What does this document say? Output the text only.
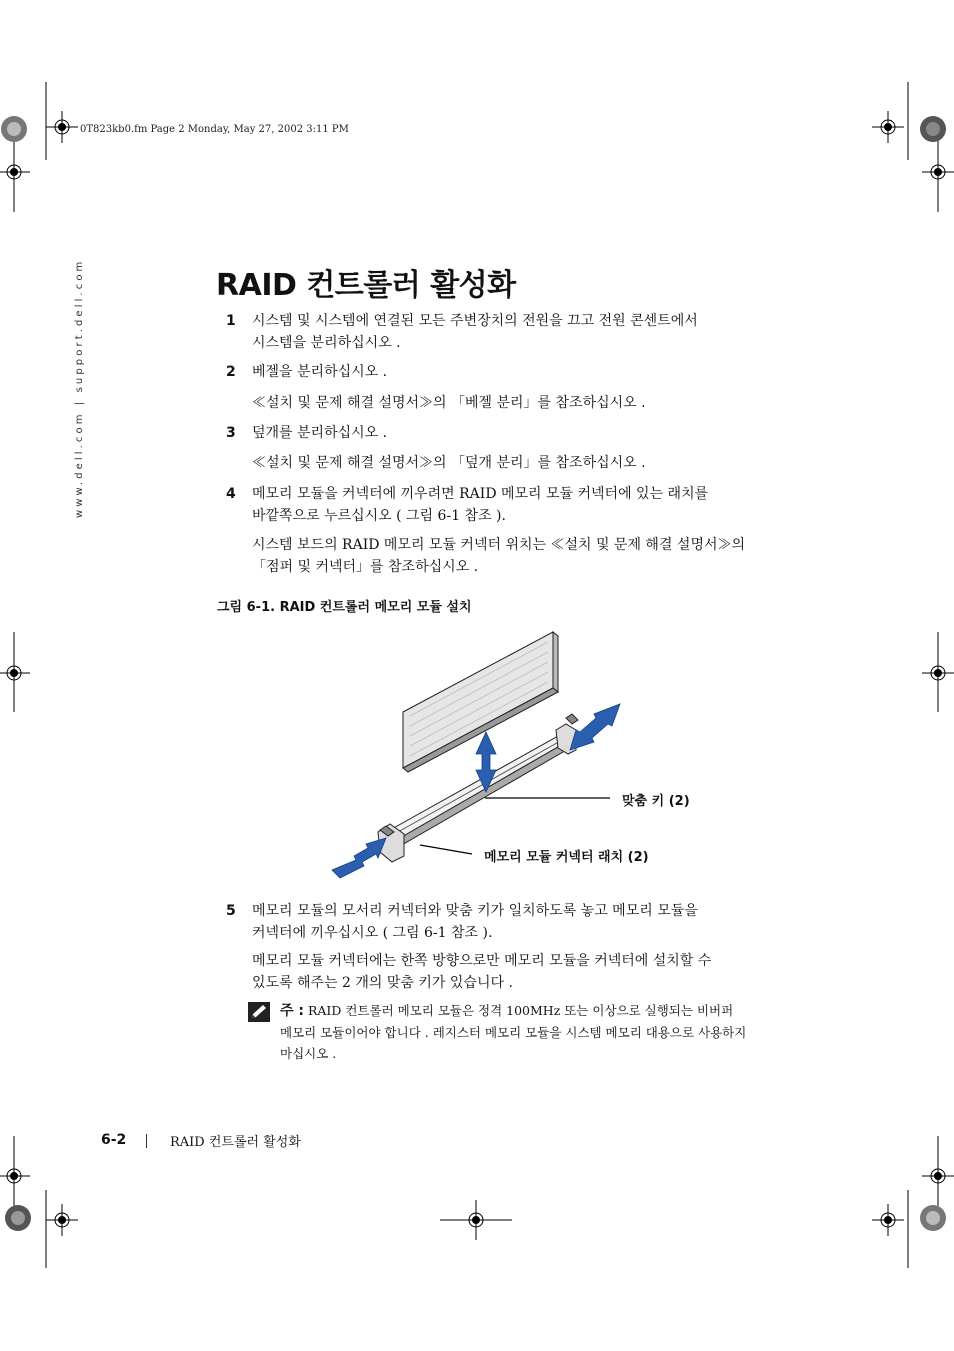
0T823kb0.fm Page 2 Monday, May 27, 2002 3:11 PM
www.dell.com | support.dell.com	RAID 컨트롤러 활성화
1 시스템 및 시스템에 연결된 모든 주변장치의 전원을 끄고 전원 콘센트에서
시스템을 분리하십시오 .
2 베젤을 분리하십시오 .
≪설치 및 문제 해결 설명서≫의 「베젤 분리」를 참조하십시오 .
3 덮개를 분리하십시오 .
≪설치 및 문제 해결 설명서≫의 「덮개 분리」를 참조하십시오 .
4 메모리 모듈을 커넥터에 끼우려면 RAID 메모리 모듈 커넥터에 있는 래치를
바깥쪽으로 누르십시오 ( 그림 6-1 참조 ).
시스템 보드의 RAID 메모리 모듈 커넥터 위치는 ≪설치 및 문제 해결 설명서≫의
「점퍼 및 커넥터」를 참조하십시오 .
그림 6-1. RAID 컨트롤러 메모리 모듈 설치
맞춤 키 (2)
메모리 모듈 커넥터 래치 (2)
5 메모리 모듈의 모서리 커넥터와 맞춤 키가 일치하도록 놓고 메모리 모듈을
커넥터에 끼우십시오 ( 그림 6-1 참조 ).
메모리 모듈 커넥터에는 한쪽 방향으로만 메모리 모듈을 커넥터에 설치할 수
있도록 해주는 2 개의 맞춤 키가 있습니다 .
주 : RAID 컨트롤러 메모리 모듈은 정격 100MHz 또는 이상으로 실행되는 비버퍼
메모리 모듈이어야 합니다 . 레지스터 메모리 모듈을 시스템 메모리 대용으로 사용하지
마십시오 .
6-2	RAID 컨트롤러 활성화
